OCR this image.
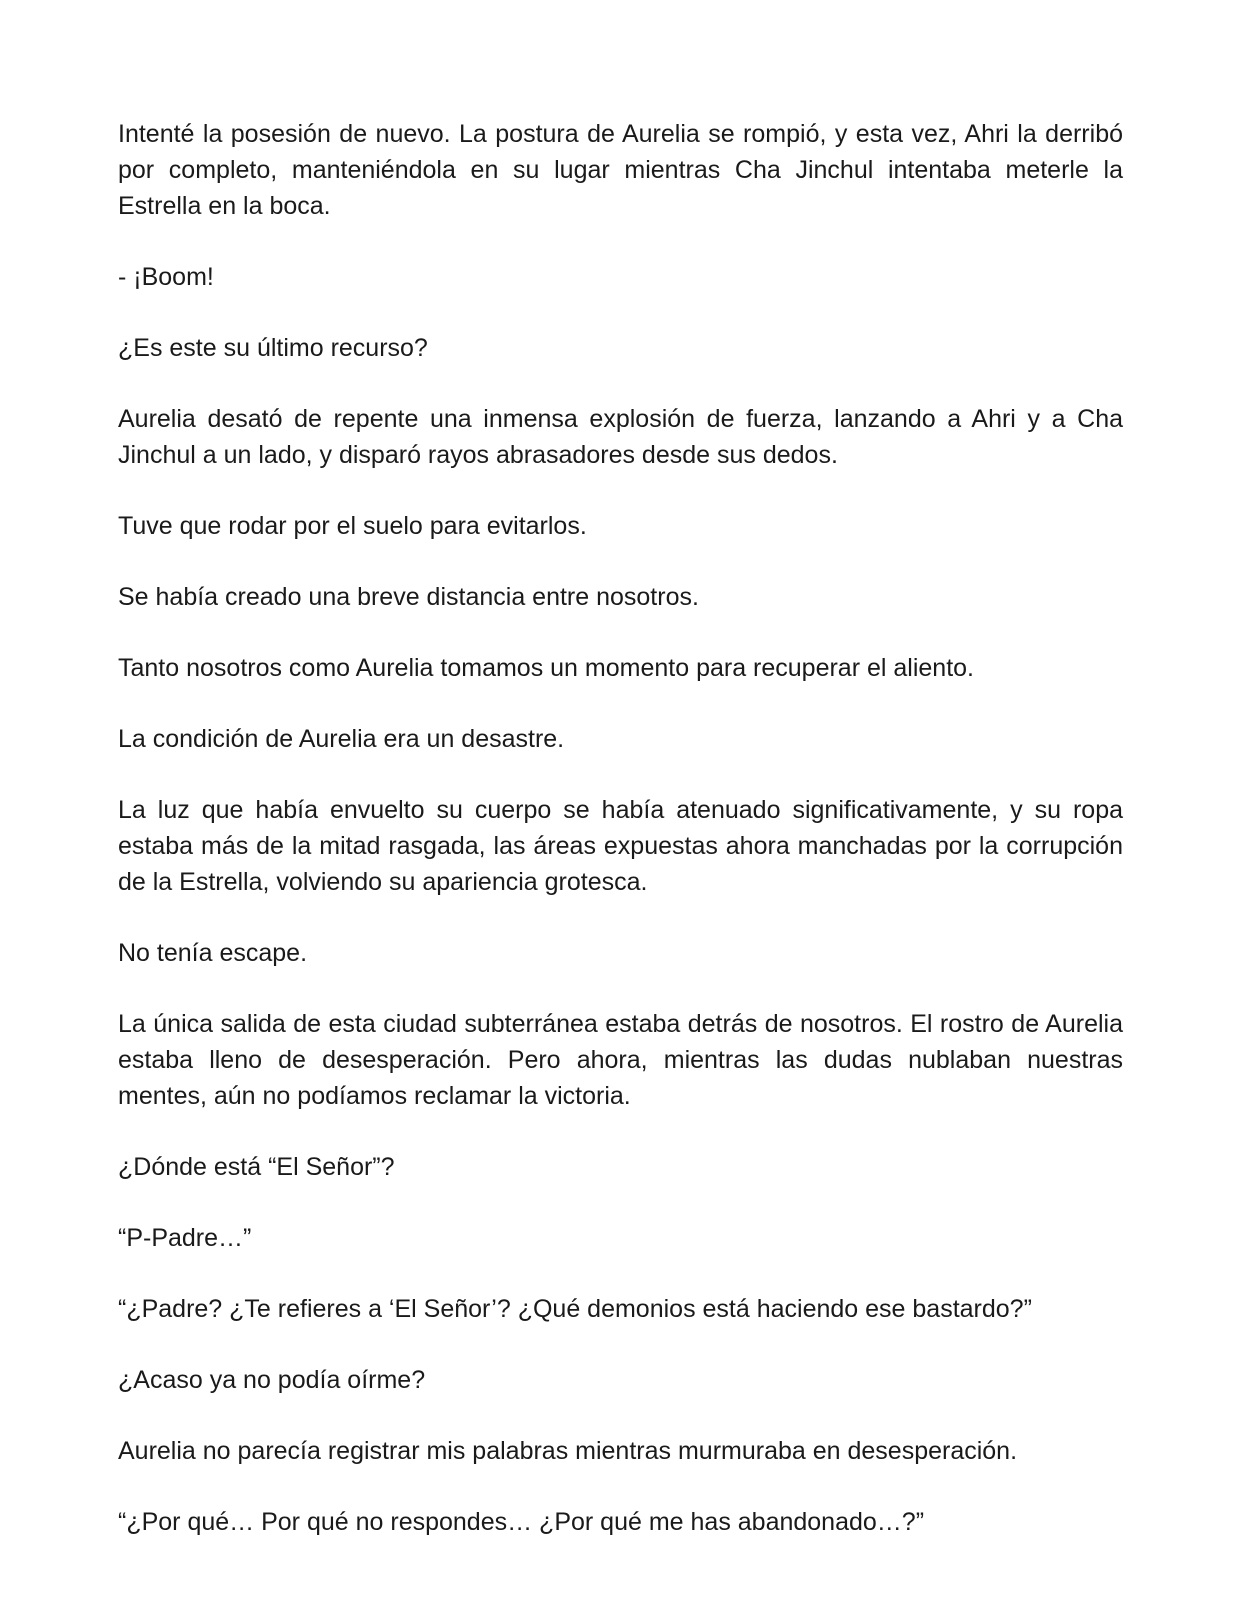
Intenté la posesión de nuevo. La postura de Aurelia se rompió, y esta vez, Ahri la derribó por completo, manteniéndola en su lugar mientras Cha Jinchul intentaba meterle la Estrella en la boca.

- ¡Boom!

¿Es este su último recurso?

Aurelia desató de repente una inmensa explosión de fuerza, lanzando a Ahri y a Cha Jinchul a un lado, y disparó rayos abrasadores desde sus dedos.

Tuve que rodar por el suelo para evitarlos.

Se había creado una breve distancia entre nosotros.

Tanto nosotros como Aurelia tomamos un momento para recuperar el aliento.

La condición de Aurelia era un desastre.

La luz que había envuelto su cuerpo se había atenuado significativamente, y su ropa estaba más de la mitad rasgada, las áreas expuestas ahora manchadas por la corrupción de la Estrella, volviendo su apariencia grotesca.

No tenía escape.

La única salida de esta ciudad subterránea estaba detrás de nosotros. El rostro de Aurelia estaba lleno de desesperación. Pero ahora, mientras las dudas nublaban nuestras mentes, aún no podíamos reclamar la victoria.

¿Dónde está “El Señor”?

“P-Padre…”

“¿Padre? ¿Te refieres a ‘El Señor’? ¿Qué demonios está haciendo ese bastardo?”

¿Acaso ya no podía oírme?

Aurelia no parecía registrar mis palabras mientras murmuraba en desesperación.

“¿Por qué… Por qué no respondes… ¿Por qué me has abandonado…?”
